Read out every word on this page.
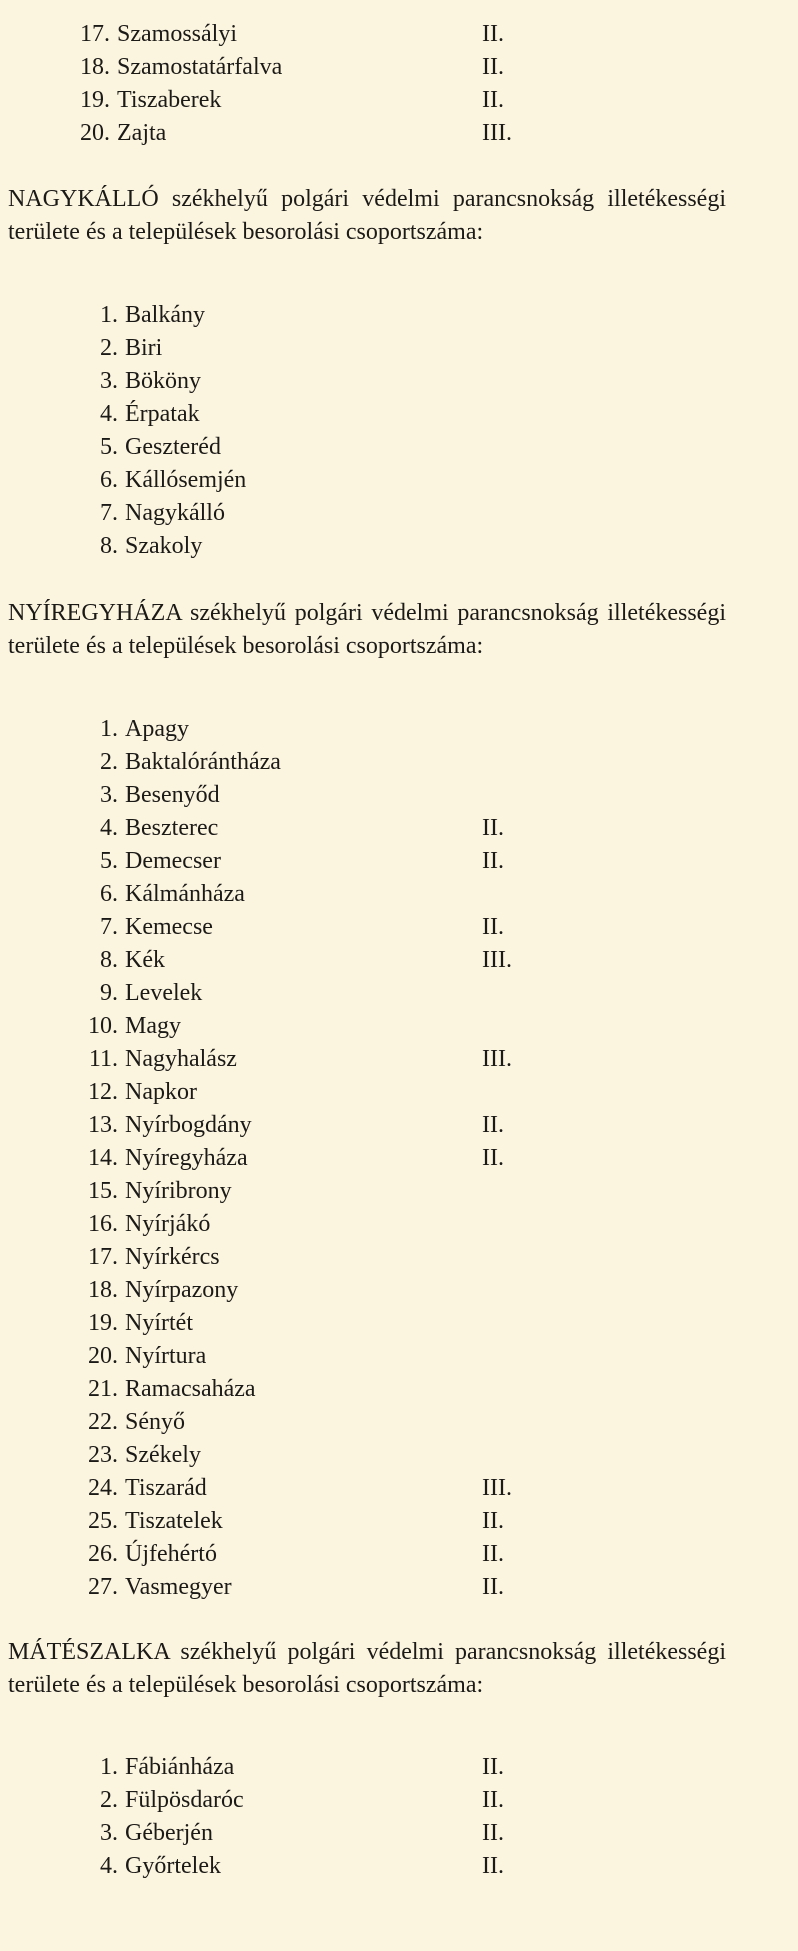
17. Szamossályi	II.
18. Szamostatárfalva	II.
19. Tiszaberek	II.
20. Zajta	III.

NAGYKÁLLÓ székhelyű polgári védelmi parancsnokság illetékességi területe és a települések besorolási csoportszáma:

1. Balkány
2. Biri
3. Bököny
4. Érpatak
5. Geszteréd
6. Kállósemjén
7. Nagykálló
8. Szakoly

NYÍREGYHÁZA székhelyű polgári védelmi parancsnokság illetékességi területe és a települések besorolási csoportszáma:

1. Apagy
2. Baktalórántháza
3. Besenyőd
4. Beszterec	II.
5. Demecser	II.
6. Kálmánháza
7. Kemecse	II.
8. Kék	III.
9. Levelek
10. Magy
11. Nagyhalász	III.
12. Napkor
13. Nyírbogdány	II.
14. Nyíregyháza	II.
15. Nyíribrony
16. Nyírjákó
17. Nyírkércs
18. Nyírpazony
19. Nyírtét
20. Nyírtura
21. Ramacsaháza
22. Sényő
23. Székely
24. Tiszarád	III.
25. Tiszatelek	II.
26. Újfehértó	II.
27. Vasmegyer	II.

MÁTÉSZALKA székhelyű polgári védelmi parancsnokság illetékességi területe és a települések besorolási csoportszáma:

1. Fábiánháza	II.
2. Fülpösdaróc	II.
3. Géberjén	II.
4. Győrtelek	II.
